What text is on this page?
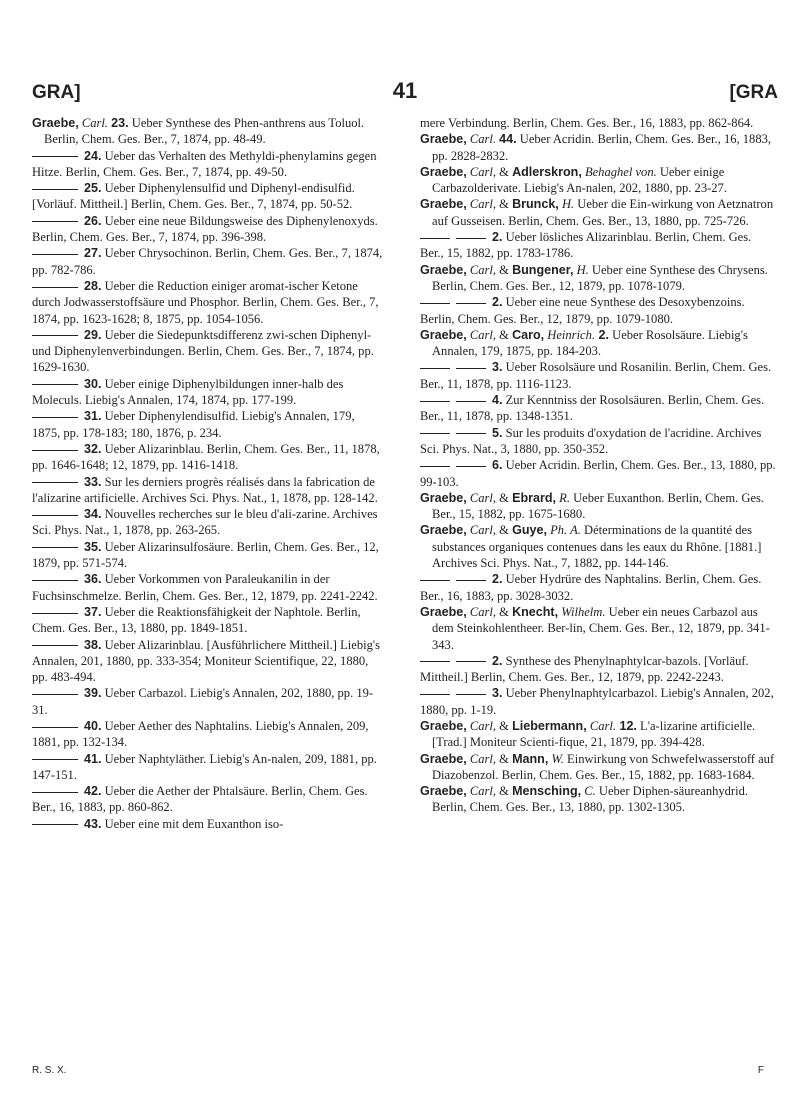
GRA]	41	[GRA

Graebe, Carl. 23. Ueber Synthese des Phen-anthrens aus Toluol. Berlin, Chem. Ges. Ber., 7, 1874, pp. 48-49.

24. Ueber das Verhalten des Methyldi-phenylamins gegen Hitze. Berlin, Chem. Ges. Ber., 7, 1874, pp. 49-50.

25. Ueber Diphenylensulfid und Diphenyl-endisulfid. [Vorläuf. Mittheil.] Berlin, Chem. Ges. Ber., 7, 1874, pp. 50-52.

26. Ueber eine neue Bildungsweise des Diphenylenoxyds. Berlin, Chem. Ges. Ber., 7, 1874, pp. 396-398.

27. Ueber Chrysochinon. Berlin, Chem. Ges. Ber., 7, 1874, pp. 782-786.

28. Ueber die Reduction einiger aromat-ischer Ketone durch Jodwasserstoffsäure und Phosphor. Berlin, Chem. Ges. Ber., 7, 1874, pp. 1623-1628; 8, 1875, pp. 1054-1056.

29. Ueber die Siedepunktsdifferenz zwi-schen Diphenyl- und Diphenylenverbindungen. Berlin, Chem. Ges. Ber., 7, 1874, pp. 1629-1630.

30. Ueber einige Diphenylbildungen inner-halb des Moleculs. Liebig's Annalen, 174, 1874, pp. 177-199.

31. Ueber Diphenylendisulfid. Liebig's Annalen, 179, 1875, pp. 178-183; 180, 1876, p. 234.

32. Ueber Alizarinblau. Berlin, Chem. Ges. Ber., 11, 1878, pp. 1646-1648; 12, 1879, pp. 1416-1418.

33. Sur les derniers progrès réalisés dans la fabrication de l'alizarine artificielle. Archives Sci. Phys. Nat., 1, 1878, pp. 128-142.

34. Nouvelles recherches sur le bleu d'ali-zarine. Archives Sci. Phys. Nat., 1, 1878, pp. 263-265.

35. Ueber Alizarinsulfosäure. Berlin, Chem. Ges. Ber., 12, 1879, pp. 571-574.

36. Ueber Vorkommen von Paraleukanilin in der Fuchsinschmelze. Berlin, Chem. Ges. Ber., 12, 1879, pp. 2241-2242.

37. Ueber die Reaktionsfähigkeit der Naphtole. Berlin, Chem. Ges. Ber., 13, 1880, pp. 1849-1851.

38. Ueber Alizarinblau. [Ausführlichere Mittheil.] Liebig's Annalen, 201, 1880, pp. 333-354; Moniteur Scientifique, 22, 1880, pp. 483-494.

39. Ueber Carbazol. Liebig's Annalen, 202, 1880, pp. 19-31.

40. Ueber Aether des Naphtalins. Liebig's Annalen, 209, 1881, pp. 132-134.

41. Ueber Naphtyläther. Liebig's An-nalen, 209, 1881, pp. 147-151.

42. Ueber die Aether der Phtalsäure. Berlin, Chem. Ges. Ber., 16, 1883, pp. 860-862.

43. Ueber eine mit dem Euxanthon iso-

mere Verbindung. Berlin, Chem. Ges. Ber., 16, 1883, pp. 862-864.

Graebe, Carl. 44. Ueber Acridin. Berlin, Chem. Ges. Ber., 16, 1883, pp. 2828-2832.

Graebe, Carl, & Adlerskron, Behaghel von. Ueber einige Carbazolderivate. Liebig's An-nalen, 202, 1880, pp. 23-27.

Graebe, Carl, & Brunck, H. Ueber die Ein-wirkung von Aetznatron auf Gusseisen. Berlin, Chem. Ges. Ber., 13, 1880, pp. 725-726.

2. Ueber lösliches Alizarinblau. Berlin, Chem. Ges. Ber., 15, 1882, pp. 1783-1786.

Graebe, Carl, & Bungener, H. Ueber eine Synthese des Chrysens. Berlin, Chem. Ges. Ber., 12, 1879, pp. 1078-1079.

2. Ueber eine neue Synthese des Desoxybenzoins. Berlin, Chem. Ges. Ber., 12, 1879, pp. 1079-1080.

Graebe, Carl, & Caro, Heinrich. 2. Ueber Rosolsäure. Liebig's Annalen, 179, 1875, pp. 184-203.

3. Ueber Rosolsäure und Rosanilin. Berlin, Chem. Ges. Ber., 11, 1878, pp. 1116-1123.

4. Zur Kenntniss der Rosolsäuren. Berlin, Chem. Ges. Ber., 11, 1878, pp. 1348-1351.

5. Sur les produits d'oxydation de l'acridine. Archives Sci. Phys. Nat., 3, 1880, pp. 350-352.

6. Ueber Acridin. Berlin, Chem. Ges. Ber., 13, 1880, pp. 99-103.

Graebe, Carl, & Ebrard, R. Ueber Euxanthon. Berlin, Chem. Ges. Ber., 15, 1882, pp. 1675-1680.

Graebe, Carl, & Guye, Ph. A. Déterminations de la quantité des substances organiques contenues dans les eaux du Rhône. [1881.] Archives Sci. Phys. Nat., 7, 1882, pp. 144-146.

2. Ueber Hydrüre des Naphtalins. Berlin, Chem. Ges. Ber., 16, 1883, pp. 3028-3032.

Graebe, Carl, & Knecht, Wilhelm. Ueber ein neues Carbazol aus dem Steinkohlentheer. Ber-lin, Chem. Ges. Ber., 12, 1879, pp. 341-343.

2. Synthese des Phenylnaphtylcar-bazols. [Vorläuf. Mittheil.] Berlin, Chem. Ges. Ber., 12, 1879, pp. 2242-2243.

3. Ueber Phenylnaphtylcarbazol. Liebig's Annalen, 202, 1880, pp. 1-19.

Graebe, Carl, & Liebermann, Carl. 12. L'a-lizarine artificielle. [Trad.] Moniteur Scienti-fique, 21, 1879, pp. 394-428.

Graebe, Carl, & Mann, W. Einwirkung von Schwefelwasserstoff auf Diazobenzol. Berlin, Chem. Ges. Ber., 15, 1882, pp. 1683-1684.

Graebe, Carl, & Mensching, C. Ueber Diphen-säureanhydrid. Berlin, Chem. Ges. Ber., 13, 1880, pp. 1302-1305.

R. S. X.	F
